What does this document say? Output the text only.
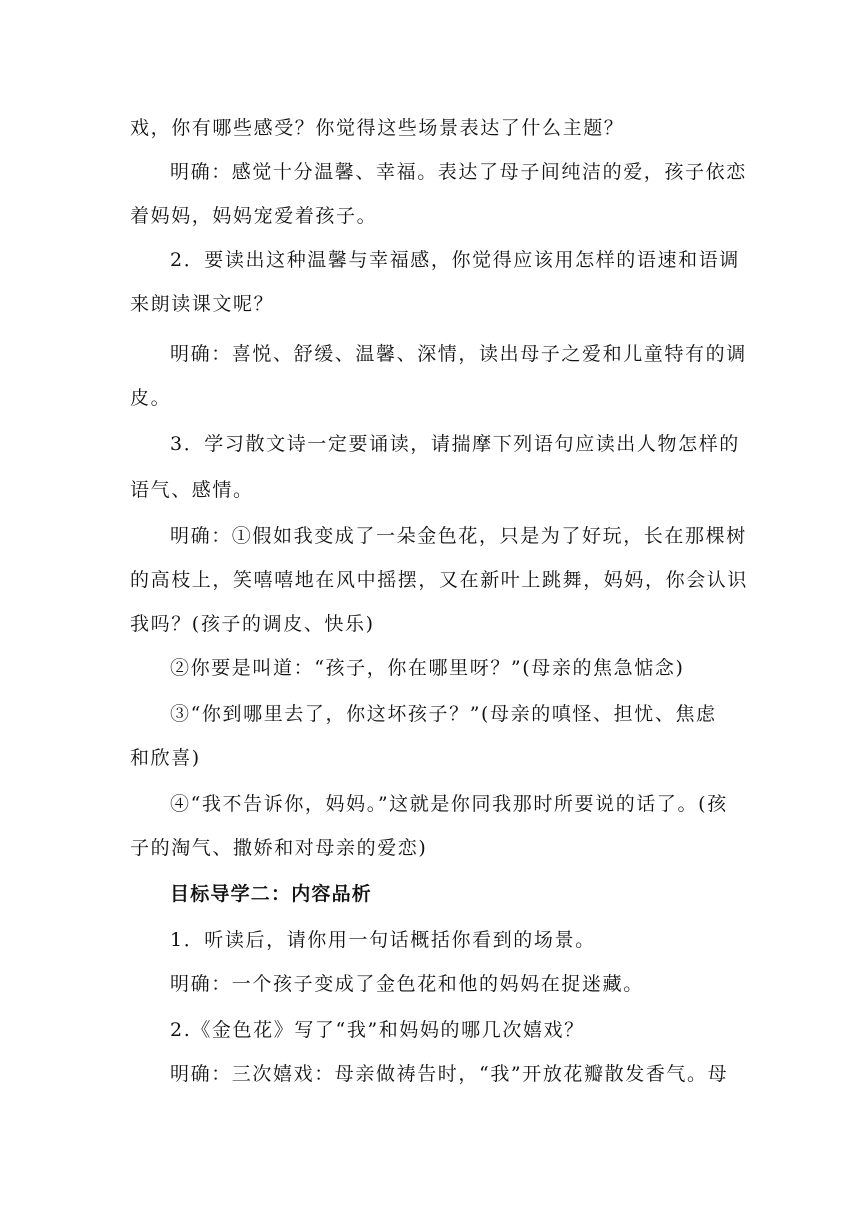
戏，你有哪些感受？你觉得这些场景表达了什么主题？
明确：感觉十分温馨、幸福。表达了母子间纯洁的爱，孩子依恋
着妈妈，妈妈宠爱着孩子。
2．要读出这种温馨与幸福感，你觉得应该用怎样的语速和语调
来朗读课文呢？
明确：喜悦、舒缓、温馨、深情，读出母子之爱和儿童特有的调
皮。
3．学习散文诗一定要诵读，请揣摩下列语句应读出人物怎样的
语气、感情。
明确：①假如我变成了一朵金色花，只是为了好玩，长在那棵树
的高枝上，笑嘻嘻地在风中摇摆，又在新叶上跳舞，妈妈，你会认识
我吗？(孩子的调皮、快乐)
②你要是叫道：“孩子，你在哪里呀？”(母亲的焦急惦念)
③“你到哪里去了，你这坏孩子？”(母亲的嗔怪、担忧、焦虑
和欣喜)
④“我不告诉你，妈妈。”这就是你同我那时所要说的话了。(孩
子的淘气、撒娇和对母亲的爱恋)
目标导学二：内容品析
1．听读后，请你用一句话概括你看到的场景。
明确：一个孩子变成了金色花和他的妈妈在捉迷藏。
2.《金色花》写了“我”和妈妈的哪几次嬉戏？
明确：三次嬉戏：母亲做祷告时，“我”开放花瓣散发香气。母
